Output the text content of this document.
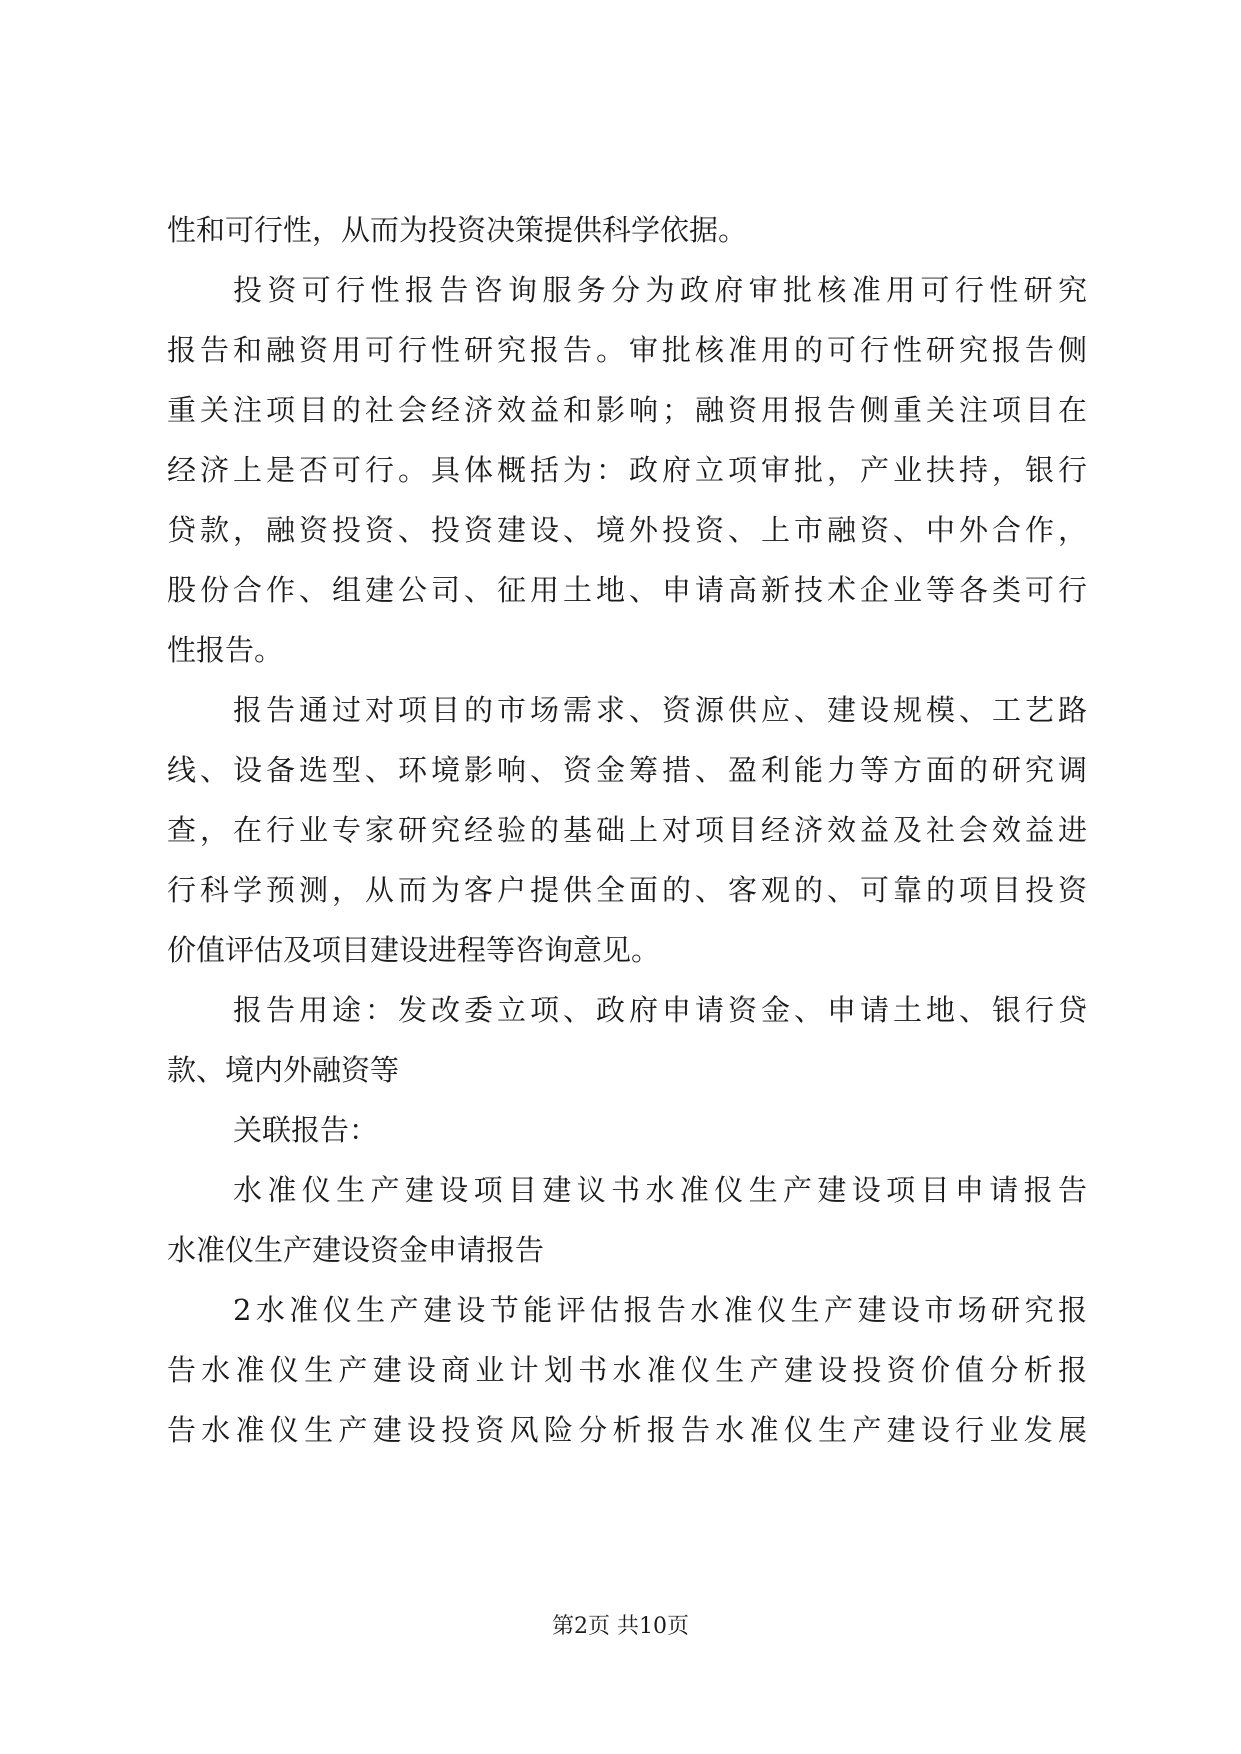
性和可行性，从而为投资决策提供科学依据。
投资可行性报告咨询服务分为政府审批核准用可行性研究
报告和融资用可行性研究报告。审批核准用的可行性研究报告侧
重关注项目的社会经济效益和影响；融资用报告侧重关注项目在
经济上是否可行。具体概括为：政府立项审批，产业扶持，银行
贷款，融资投资、投资建设、境外投资、上市融资、中外合作，
股份合作、组建公司、征用土地、申请高新技术企业等各类可行
性报告。
报告通过对项目的市场需求、资源供应、建设规模、工艺路
线、设备选型、环境影响、资金筹措、盈利能力等方面的研究调
查，在行业专家研究经验的基础上对项目经济效益及社会效益进
行科学预测，从而为客户提供全面的、客观的、可靠的项目投资
价值评估及项目建设进程等咨询意见。
报告用途：发改委立项、政府申请资金、申请土地、银行贷
款、境内外融资等
关联报告：
水准仪生产建设项目建议书水准仪生产建设项目申请报告
水准仪生产建设资金申请报告
2水准仪生产建设节能评估报告水准仪生产建设市场研究报
告水准仪生产建设商业计划书水准仪生产建设投资价值分析报
告水准仪生产建设投资风险分析报告水准仪生产建设行业发展
第2页 共10页
